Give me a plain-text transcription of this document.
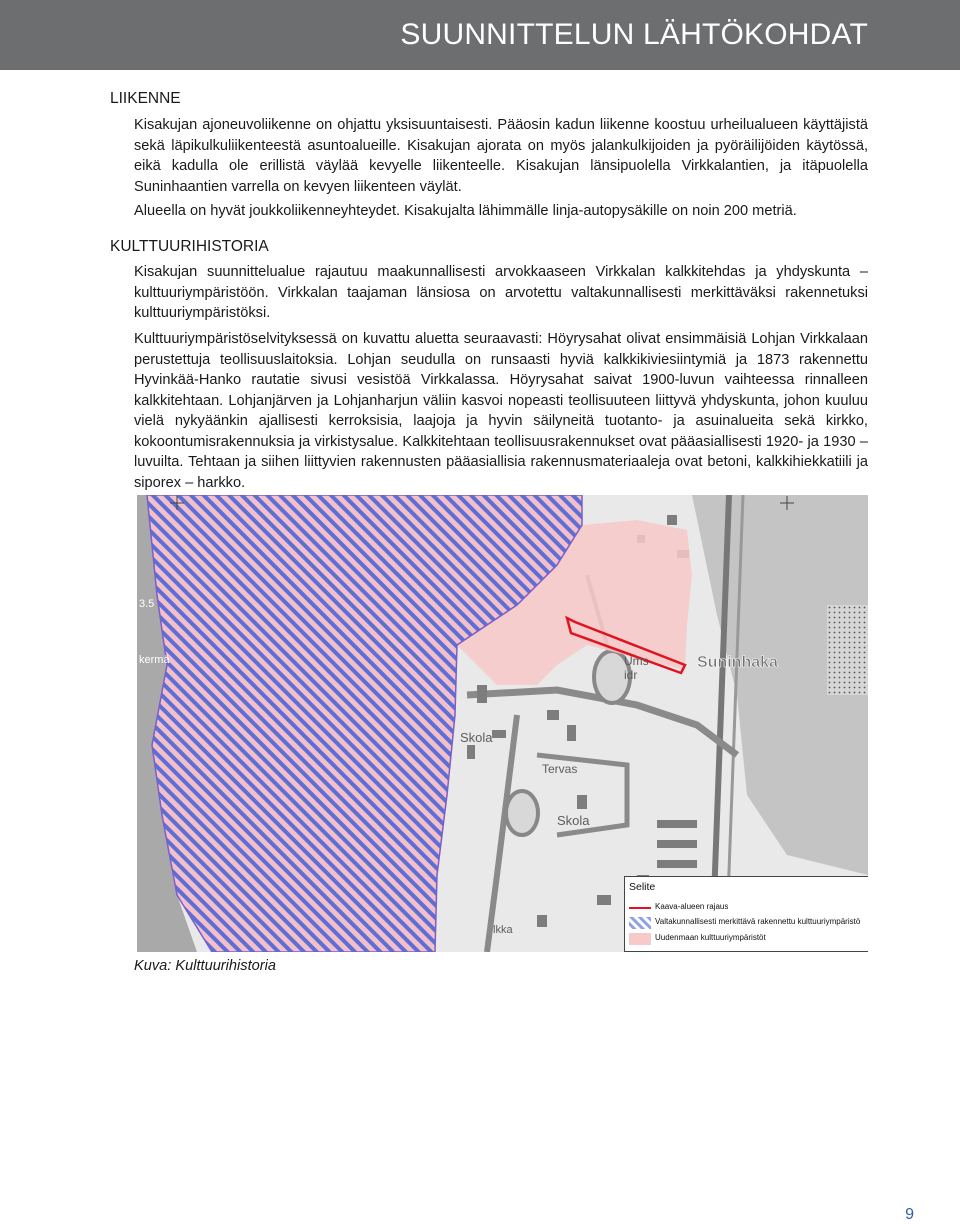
SUUNNITTELUN LÄHTÖKOHDAT
LIIKENNE

Kisakujan ajoneuvoliikenne on ohjattu yksisuuntaisesti. Pääosin kadun liikenne koostuu urheilualueen käyttäjistä sekä läpikulkuliikenteestä asuntoalueille. Kisakujan ajorata on myös jalankulkijoiden ja pyöräilijöiden käytössä, eikä kadulla ole erillistä väylää kevyelle liikenteelle. Kisakujan länsipuolella Virkkalantien, ja itäpuolella Suninhaantien varrella on kevyen liikenteen väylät.

Alueella on hyvät joukkoliikenneyhteydet. Kisakujalta lähimmälle linja-autopysäkille on noin 200 metriä.

KULTTUURIHISTORIA

Kisakujan suunnittelualue rajautuu maakunnallisesti arvokkaaseen Virkkalan kalkkitehdas ja yhdyskunta – kulttuuriympäristöön. Virkkalan taajaman länsiosa on arvotettu valtakunnallisesti merkittäväksi rakennetuksi kulttuuriympäristöksi.

Kulttuuriympäristöselvityksessä on kuvattu aluetta seuraavasti: Höyrysahat olivat ensimmäisiä Lohjan Virkkalaan perustettuja teollisuuslaitoksia. Lohjan seudulla on runsaasti hyviä kalkkikiviesiintymiä ja 1873 rakennettu Hyvinkää-Hanko rautatie sivusi vesistöä Virkkalassa. Höyrysahat saivat 1900-luvun vaihteessa rinnalleen kalkkitehtaan. Lohjanjärven ja Lohjanharjun väliin kasvoi nopeasti teollisuuteen liittyvä yhdyskunta, johon kuuluu vielä nykyäänkin ajallisesti kerroksisia, laajoja ja hyvin säilyneitä tuotanto- ja asuinalueita sekä kirkko, kokoontumisrakennuksia ja virkistysalue. Kalkkitehtaan teollisuusrakennukset ovat pääasiallisesti 1920- ja 1930 – luvuilta. Tehtaan ja siihen liittyvien rakennusten pääasiallisia rakennusmateriaaleja ovat betoni, kalkkihiekkatiili ja siporex – harkko.

Suninhaka
Skola
Skola
Tervas
Ums
idr
lkka
kermä
3.5
Selite
Kaava-alueen rajaus
Valtakunnallisesti merkittävä rakennettu kulttuuriympäristö
Uudenmaan kulttuuriympäristöt
Kuva: Kulttuurihistoria
9
